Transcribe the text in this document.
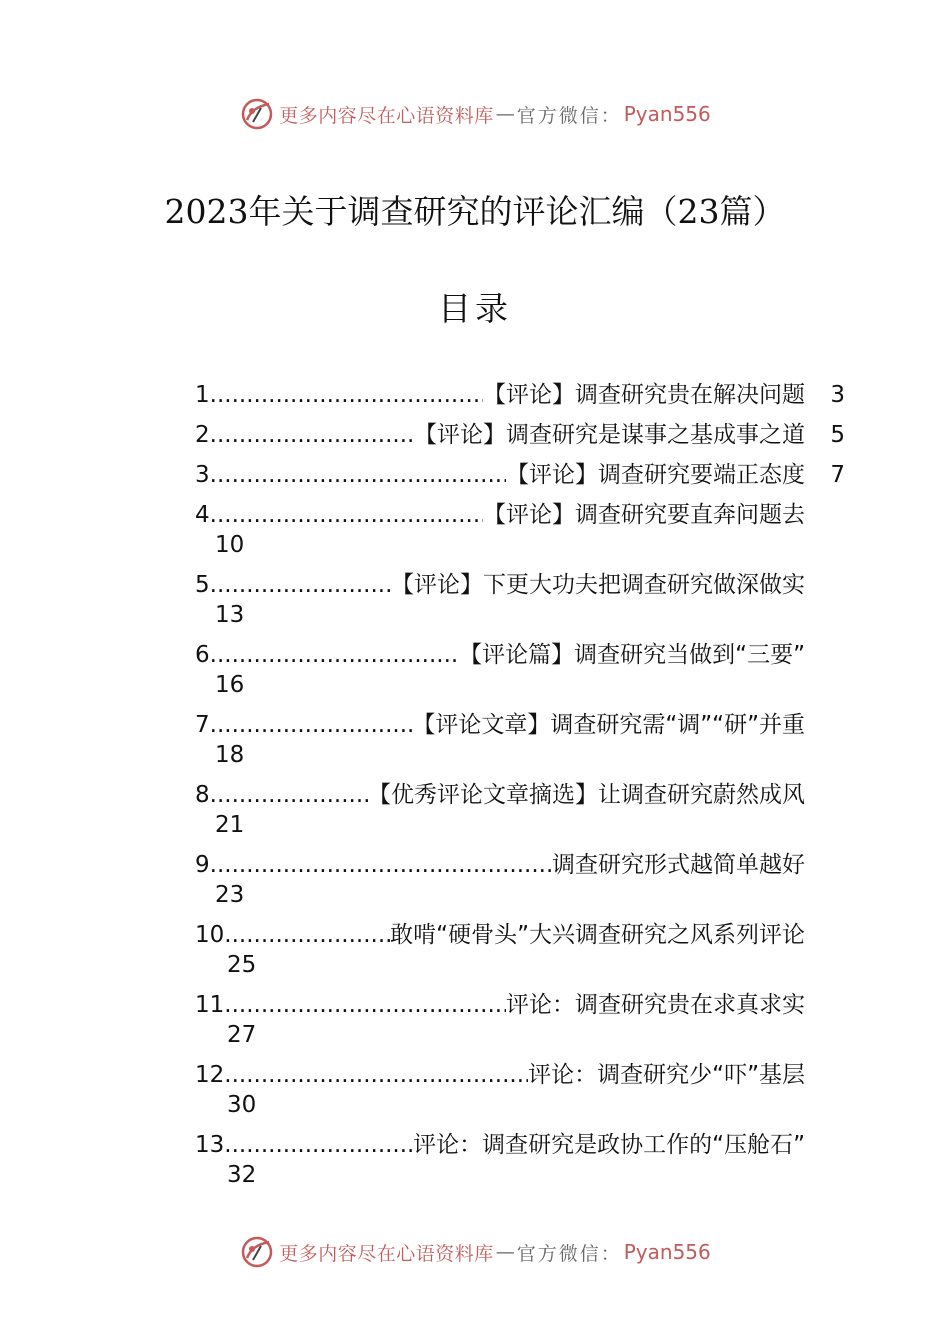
更多内容尽在心语资料库 — 官方微信： Pyan556
2023年关于调查研究的评论汇编（23篇）
目录
1 .....	【评论】调查研究贵在解决问题	3
2 .....	【评论】调查研究是谋事之基成事之道	5
3 .....	【评论】调查研究要端正态度	7
4 .....	【评论】调查研究要直奔问题去
10
5 .....	【评论】下更大功夫把调查研究做深做实
13
6 .....	【评论篇】调查研究当做到“三要”
16
7 .....	【评论文章】调查研究需“调”“研”并重
18
8 .....	【优秀评论文章摘选】让调查研究蔚然成风
21
9 .....	调查研究形式越简单越好
23
10 .....	敢啃“硬骨头”大兴调查研究之风系列评论
25
11 .....	评论：调查研究贵在求真求实
27
12 .....	评论：调查研究少“吓”基层
30
13 .....	评论：调查研究是政协工作的“压舱石”
32
更多内容尽在心语资料库 — 官方微信： Pyan556
